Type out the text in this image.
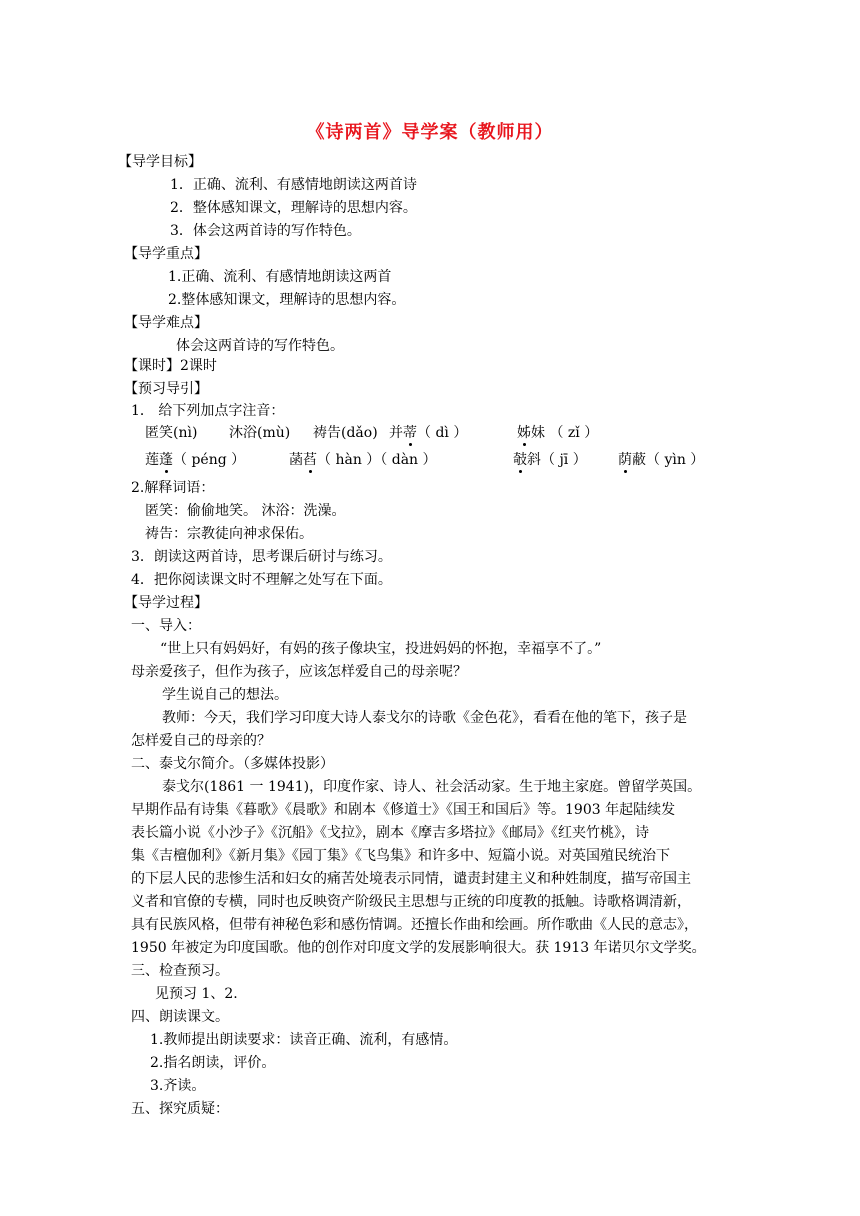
《诗两首》导学案（教师用）
【导学目标】
1．正确、流利、有感情地朗读这两首诗
2．整体感知课文，理解诗的思想内容。
3．体会这两首诗的写作特色。
【导学重点】
1.正确、流利、有感情地朗读这两首
2.整体感知课文，理解诗的思想内容。
【导学难点】
体会这两首诗的写作特色。
【课时】2课时
【预习导引】
1． 给下列加点字注音：
匿笑(nì) 沐浴(mù) 祷告(dǎo) 并蒂（ dì ）	姊妹 （ zǐ ）
莲蓬（ péng ）	菡萏（ hàn ）（ dàn ）	攲斜（ jī ） 荫蔽（ yìn ）
2.解释词语：
匿笑：偷偷地笑。 沐浴：洗澡。
祷告：宗教徒向神求保佑。
3．朗读这两首诗，思考课后研讨与练习。
4．把你阅读课文时不理解之处写在下面。
【导学过程】
一、导入：
“世上只有妈妈好，有妈的孩子像块宝，投进妈妈的怀抱，幸福享不了。”
母亲爱孩子，但作为孩子，应该怎样爱自己的母亲呢？
学生说自己的想法。
教师：今天，我们学习印度大诗人泰戈尔的诗歌《金色花》，看看在他的笔下，孩子是
怎样爱自己的母亲的？
二、泰戈尔简介。（多媒体投影）
泰戈尔(1861 一 1941)，印度作家、诗人、社会活动家。生于地主家庭。曾留学英国。
早期作品有诗集《暮歌》《晨歌》和剧本《修道士》《国王和国后》等。1903 年起陆续发
表长篇小说《小沙子》《沉船》《戈拉》，剧本《摩吉多塔拉》《邮局》《红夹竹桃》，诗
集《吉檀伽利》《新月集》《园丁集》《飞鸟集》和许多中、短篇小说。对英国殖民统治下
的下层人民的悲惨生活和妇女的痛苦处境表示同情，谴责封建主义和种姓制度，描写帝国主
义者和官僚的专横，同时也反映资产阶级民主思想与正统的印度教的抵触。诗歌格调清新，
具有民族风格，但带有神秘色彩和感伤情调。还擅长作曲和绘画。所作歌曲《人民的意志》，
1950 年被定为印度国歌。他的创作对印度文学的发展影响很大。获 1913 年诺贝尔文学奖。
三、检查预习。
见预习 1、2.
四、朗读课文。
1.教师提出朗读要求：读音正确、流利，有感情。
2.指名朗读，评价。
3.齐读。
五、探究质疑：
